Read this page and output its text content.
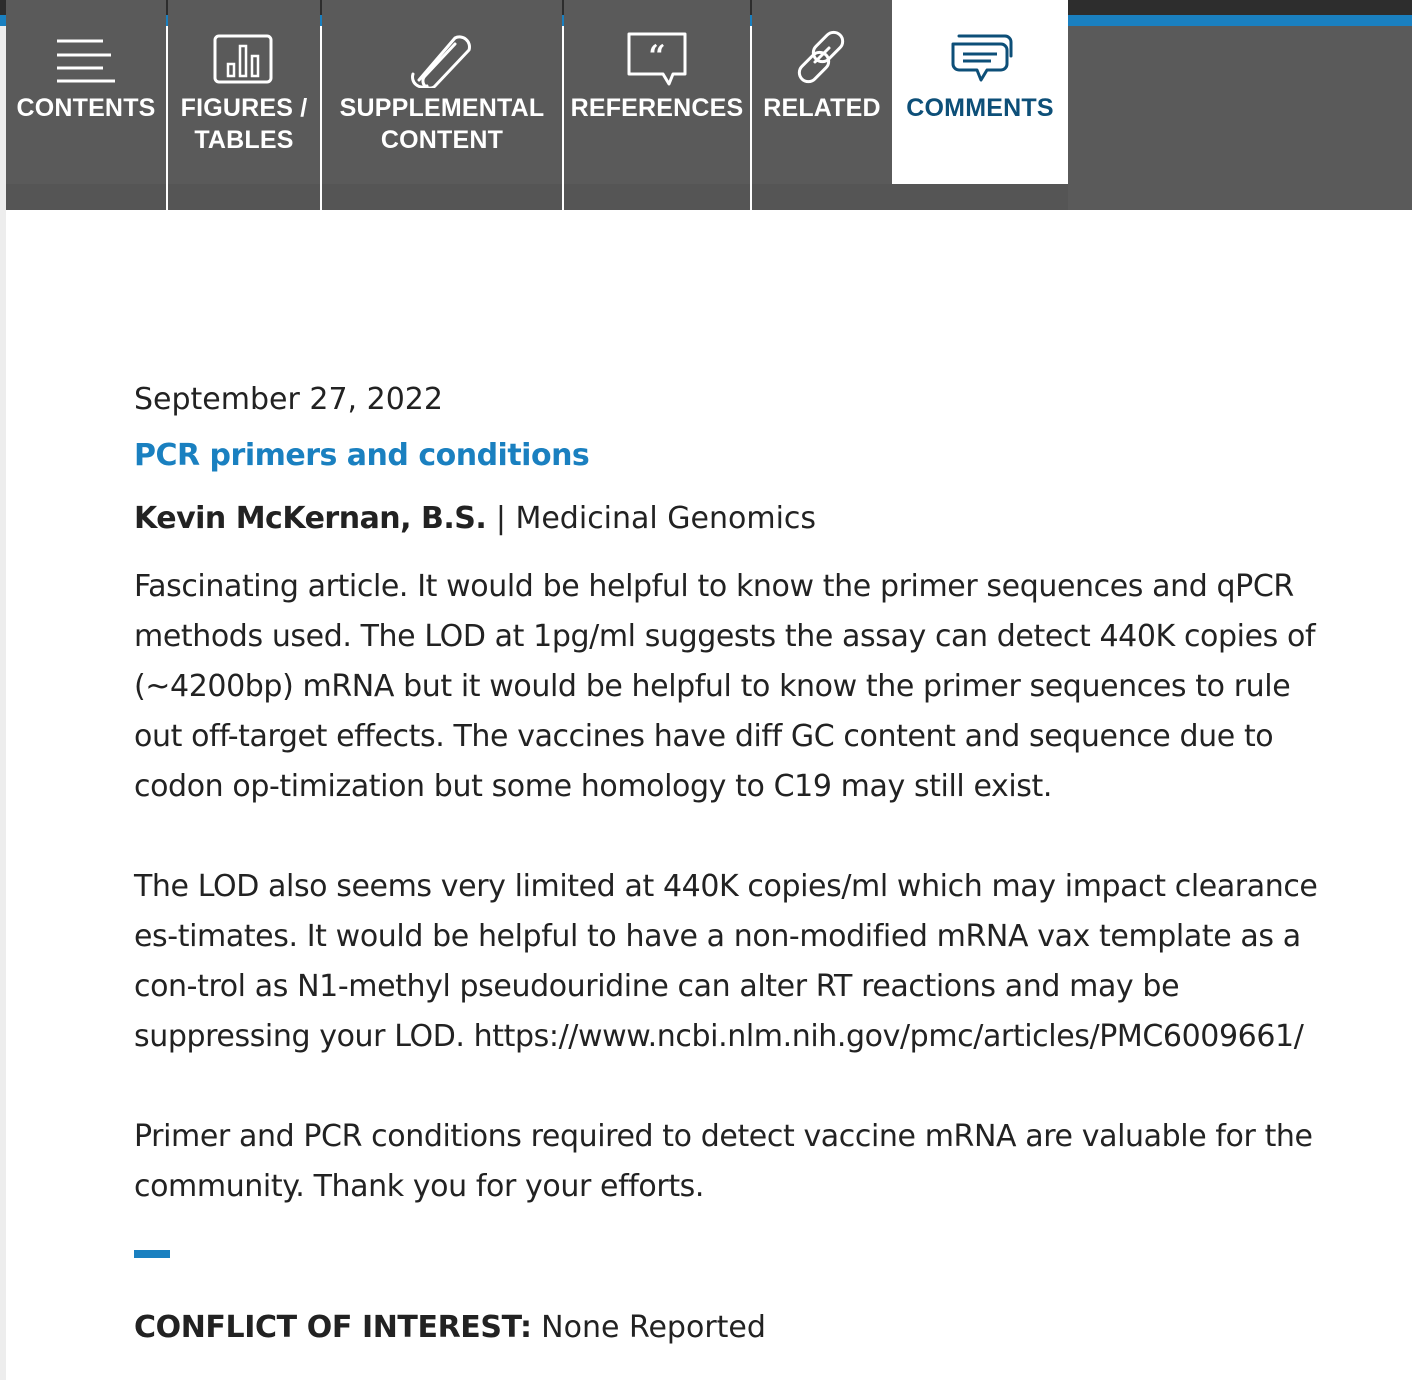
CONTENTS FIGURES /
TABLES
SUPPLEMENTAL
CONTENT
“
REFERENCES RELATED COMMENTS
September 27, 2022
PCR primers and conditions
Kevin McKernan, B.S. | Medicinal Genomics

Fascinating article. It would be helpful to know the primer sequences and qPCR methods used. The LOD at 1pg/ml suggests the assay can detect 440K copies of (~4200bp) mRNA but it would be helpful to know the primer sequences to rule out off-target effects. The vaccines have diff GC content and sequence due to codon op-timization but some homology to C19 may still exist.

The LOD also seems very limited at 440K copies/ml which may impact clearance es-timates. It would be helpful to have a non-modified mRNA vax template as a con-trol as N1-methyl pseudouridine can alter RT reactions and may be suppressing your LOD. https://www.ncbi.nlm.nih.gov/pmc/articles/PMC6009661/

Primer and PCR conditions required to detect vaccine mRNA are valuable for the community. Thank you for your efforts.

CONFLICT OF INTEREST: None Reported
